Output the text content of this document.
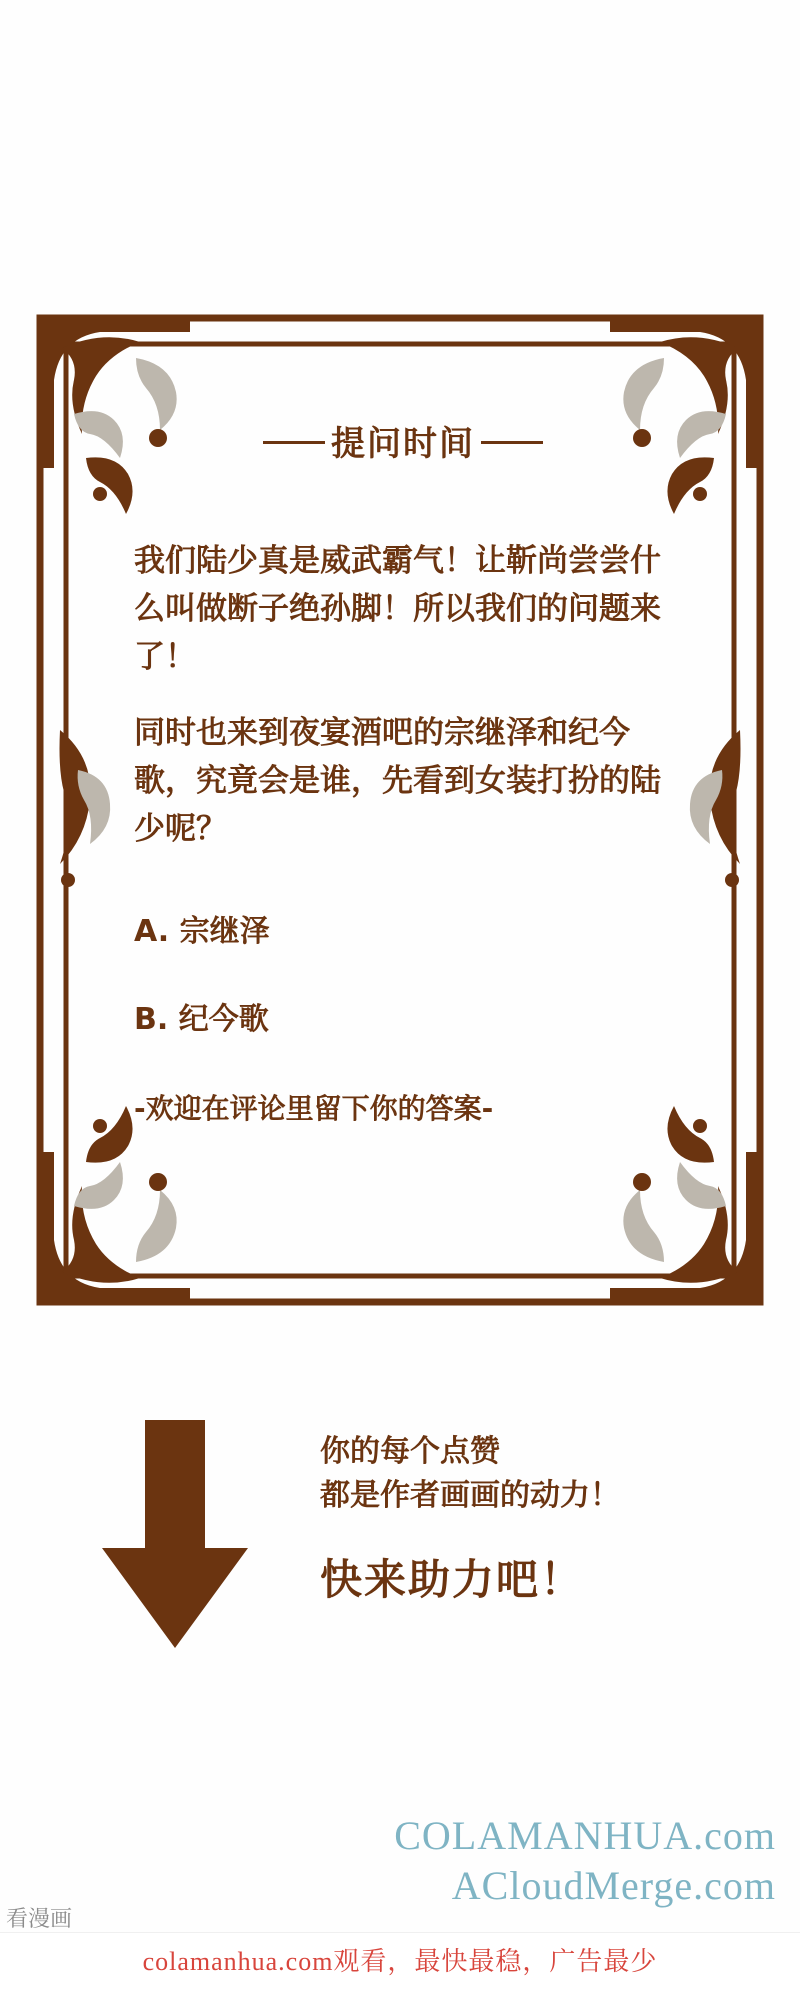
提问时间

我们陆少真是威武霸气！让靳尚尝尝什么叫做断子绝孙脚！所以我们的问题来了！

同时也来到夜宴酒吧的宗继泽和纪今歌，究竟会是谁，先看到女装打扮的陆少呢？

A. 宗继泽
B. 纪今歌
-欢迎在评论里留下你的答案-
你的每个点赞
都是作者画画的动力！
快来助力吧！
COLAMANHUA.com
ACloudMerge.com
看漫画
colamanhua.com观看，最快最稳，广告最少
